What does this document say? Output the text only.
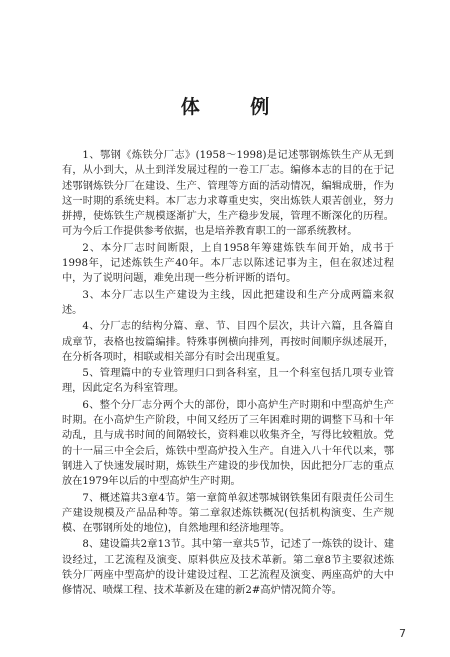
体 例

1、鄂钢《炼铁分厂志》(1958～1998)是记述鄂钢炼铁生产从无到有，从小到大，从土到洋发展过程的一卷工厂志。编修本志的目的在于记述鄂钢炼铁分厂在建设、生产、管理等方面的活动情况，编辑成册，作为这一时期的系统史料。本厂志力求尊重史实，突出炼铁人艰苦创业，努力拼搏，使炼铁生产规模逐渐扩大，生产稳步发展，管理不断深化的历程。可为今后工作提供参考依据，也是培养教育职工的一部系统教材。

2、本分厂志时间断限，上自1958年筹建炼铁车间开始，成书于1998年，记述炼铁生产40年。本厂志以陈述记事为主，但在叙述过程中，为了说明问题，难免出现一些分析评断的语句。

3、本分厂志以生产建设为主线，因此把建设和生产分成两篇来叙述。

4、分厂志的结构分篇、章、节、目四个层次，共计六篇，且各篇自成章节，表格也按篇编排。特殊事例横向排列，再按时间顺序纵述展开，在分析各项时，相联或相关部分有时会出现重复。

5、管理篇中的专业管理归口到各科室，且一个科室包括几项专业管理，因此定名为科室管理。

6、整个分厂志分两个大的部份，即小高炉生产时期和中型高炉生产时期。在小高炉生产阶段，中间又经历了三年困难时期的调整下马和十年动乱，且与成书时间的间隔较长，资料难以收集齐全，写得比较粗放。党的十一届三中全会后，炼铁中型高炉投入生产。自进入八十年代以来，鄂钢进入了快速发展时期，炼铁生产建设的步伐加快，因此把分厂志的重点放在1979年以后的中型高炉生产时期。

7、概述篇共3章4节。第一章简单叙述鄂城钢铁集团有限责任公司生产建设规模及产品品种等。第二章叙述炼铁概况(包括机构演变、生产规模、在鄂钢所处的地位)，自然地理和经济地理等。

8、建设篇共2章13节。其中第一章共5节，记述了一炼铁的设计、建设经过，工艺流程及演变、原料供应及技术革新。第二章8节主要叙述炼铁分厂两座中型高炉的设计建设过程、工艺流程及演变、两座高炉的大中修情况、喷煤工程、技术革新及在建的新2#高炉情况简介等。

7
